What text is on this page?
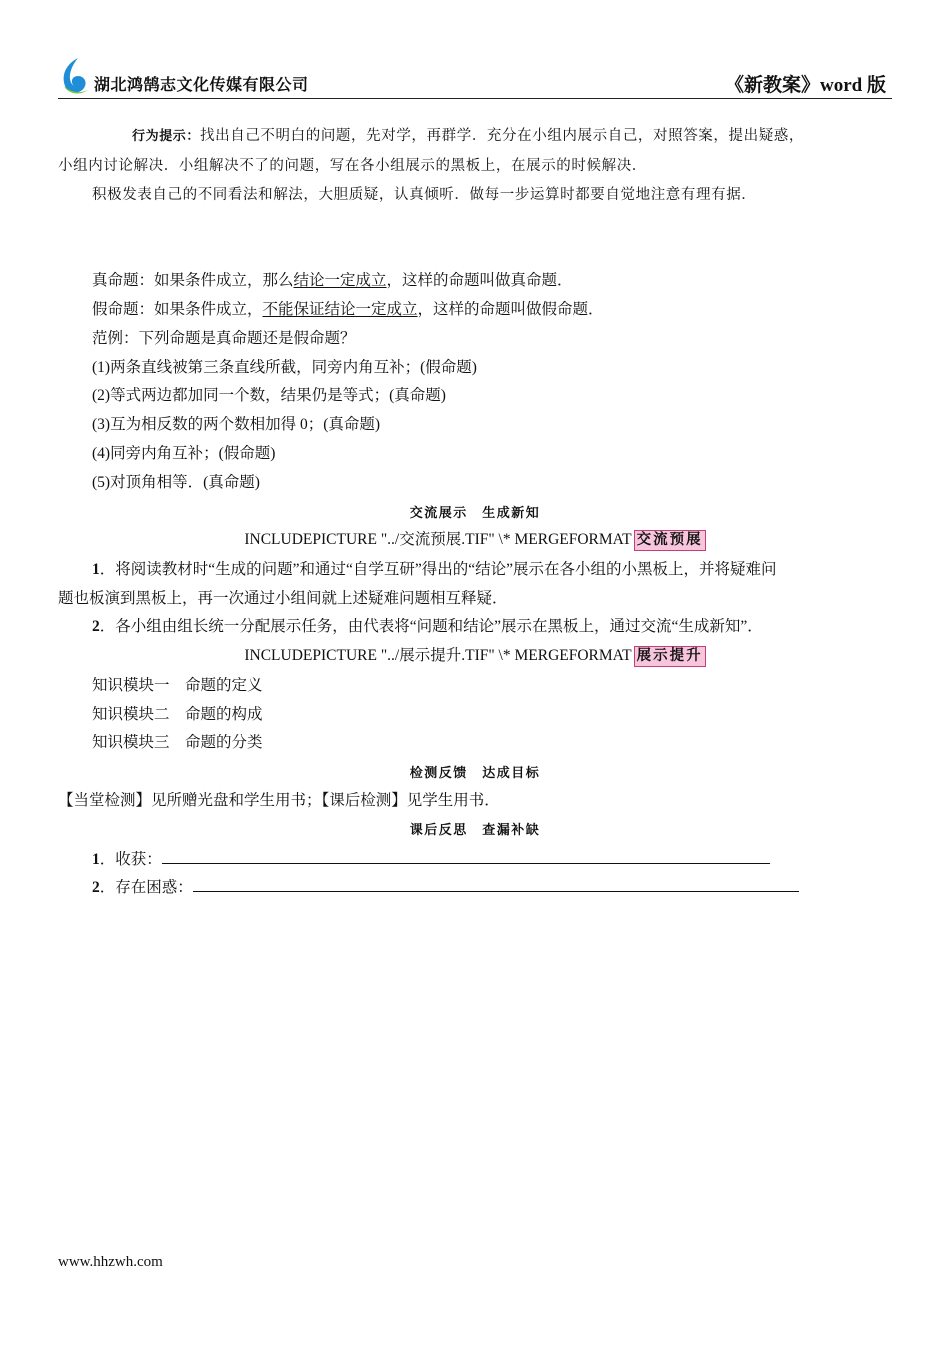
湖北鸿鹄志文化传媒有限公司	《新教案》word 版
行为提示：找出自己不明白的问题，先对学，再群学．充分在小组内展示自己，对照答案，提出疑惑，
小组内讨论解决．小组解决不了的问题，写在各小组展示的黑板上，在展示的时候解决．
积极发表自己的不同看法和解法，大胆质疑，认真倾听．做每一步运算时都要自觉地注意有理有据．
真命题：如果条件成立，那么结论一定成立，这样的命题叫做真命题．
假命题：如果条件成立，不能保证结论一定成立，这样的命题叫做假命题．
范例：下列命题是真命题还是假命题？
(1)两条直线被第三条直线所截，同旁内角互补；(假命题)
(2)等式两边都加同一个数，结果仍是等式；(真命题)
(3)互为相反数的两个数相加得 0；(真命题)
(4)同旁内角互补；(假命题)
(5)对顶角相等．(真命题)
交流展示　生成新知
INCLUDEPICTURE "../交流预展.TIF" \* MERGEFORMAT 交流预展
1．将阅读教材时“生成的问题”和通过“自学互研”得出的“结论”展示在各小组的小黑板上，并将疑难问
题也板演到黑板上，再一次通过小组间就上述疑难问题相互释疑．
2．各小组由组长统一分配展示任务，由代表将“问题和结论”展示在黑板上，通过交流“生成新知”．
INCLUDEPICTURE "../展示提升.TIF" \* MERGEFORMAT 展示提升
知识模块一　命题的定义
知识模块二　命题的构成
知识模块三　命题的分类
检测反馈　达成目标
【当堂检测】见所赠光盘和学生用书；【课后检测】见学生用书．
课后反思　查漏补缺
1．收获：
2．存在困惑：
www.hhzwh.com
